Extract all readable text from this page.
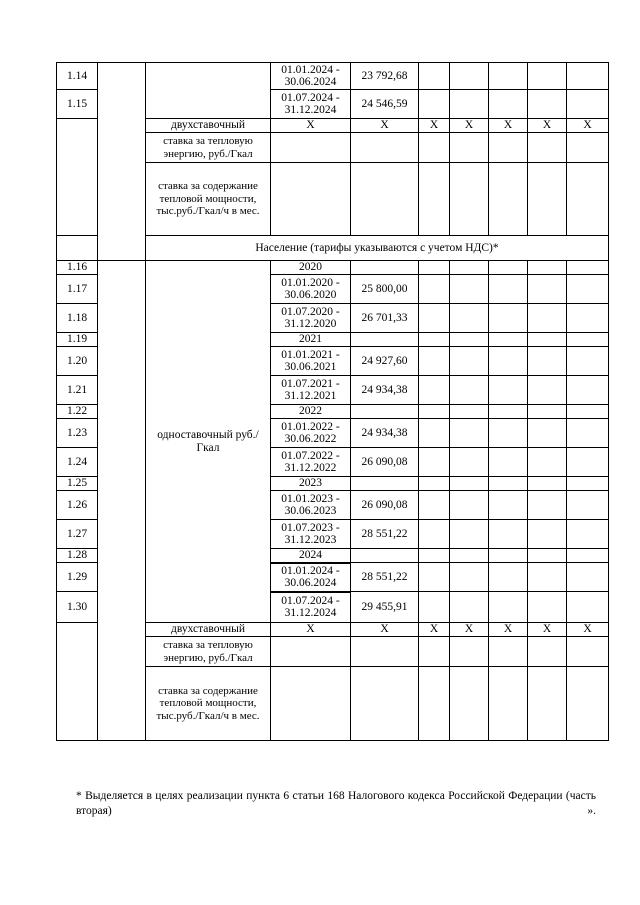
1.14			01.01.2024 - 30.06.2024	23 792,68					
1.15			01.07.2024 - 31.12.2024	24 546,59					
		двухставочный	X	X	X	X	X	X	X
		ставка за тепловую энергию, руб./Гкал							
		ставка за содержание тепловой мощности, тыс.руб./Гкал/ч в мес.							
		Население (тарифы указываются с учетом НДС)*							
1.16		одноставочный руб./Гкал	2020						
1.17			01.01.2020 - 30.06.2020	25 800,00					
1.18			01.07.2020 - 31.12.2020	26 701,33					
1.19			2021						
1.20			01.01.2021 - 30.06.2021	24 927,60					
1.21			01.07.2021 - 31.12.2021	24 934,38					
1.22			2022						
1.23			01.01.2022 - 30.06.2022	24 934,38					
1.24			01.07.2022 - 31.12.2022	26 090,08					
1.25			2023						
1.26			01.01.2023 - 30.06.2023	26 090,08					
1.27			01.07.2023 - 31.12.2023	28 551,22					
1.28			2024						
1.29			01.01.2024 - 30.06.2024	28 551,22					
1.30			01.07.2024 - 31.12.2024	29 455,91					
		двухставочный	X	X	X	X	X	X	X
		ставка за тепловую энергию, руб./Гкал							
		ставка за содержание тепловой мощности, тыс.руб./Гкал/ч в мес.							
* Выделяется в целях реализации пункта 6 статьи 168 Налогового кодекса Российской Федерации (часть вторая)	».
